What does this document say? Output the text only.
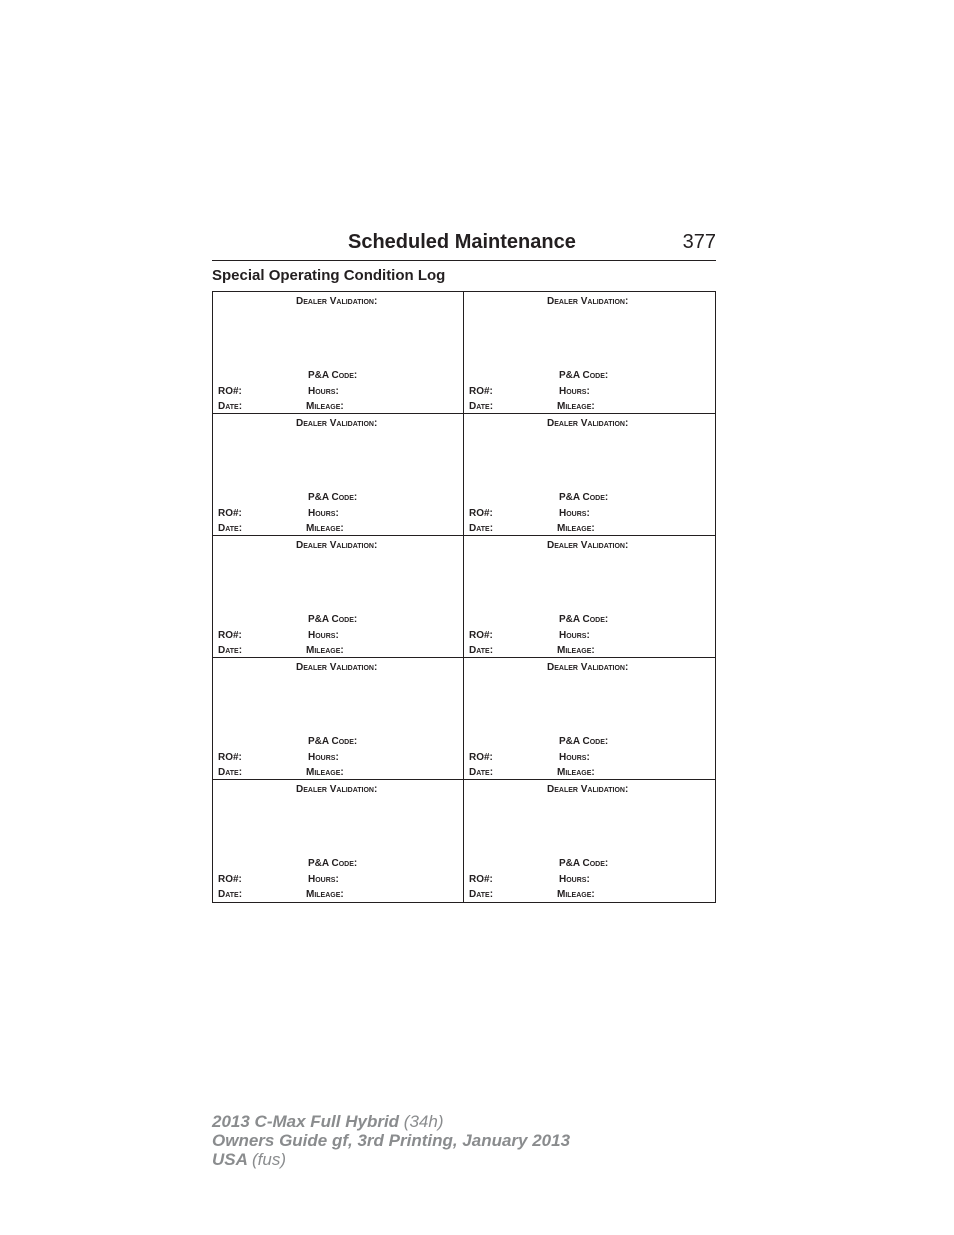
Scheduled Maintenance	377
Special Operating Condition Log
Dealer Validation:
P&A Code:
RO#:	Hours:
Date:	Mileage:
Dealer Validation:
P&A Code:
RO#:	Hours:
Date:	Mileage:
Dealer Validation:
P&A Code:
RO#:	Hours:
Date:	Mileage:
Dealer Validation:
P&A Code:
RO#:	Hours:
Date:	Mileage:
Dealer Validation:
P&A Code:
RO#:	Hours:
Date:	Mileage:
Dealer Validation:
P&A Code:
RO#:	Hours:
Date:	Mileage:
Dealer Validation:
P&A Code:
RO#:	Hours:
Date:	Mileage:
Dealer Validation:
P&A Code:
RO#:	Hours:
Date:	Mileage:
Dealer Validation:
P&A Code:
RO#:	Hours:
Date:	Mileage:
Dealer Validation:
P&A Code:
RO#:	Hours:
Date:	Mileage:
2013 C-Max Full Hybrid (34h)
Owners Guide gf, 3rd Printing, January 2013
USA (fus)
